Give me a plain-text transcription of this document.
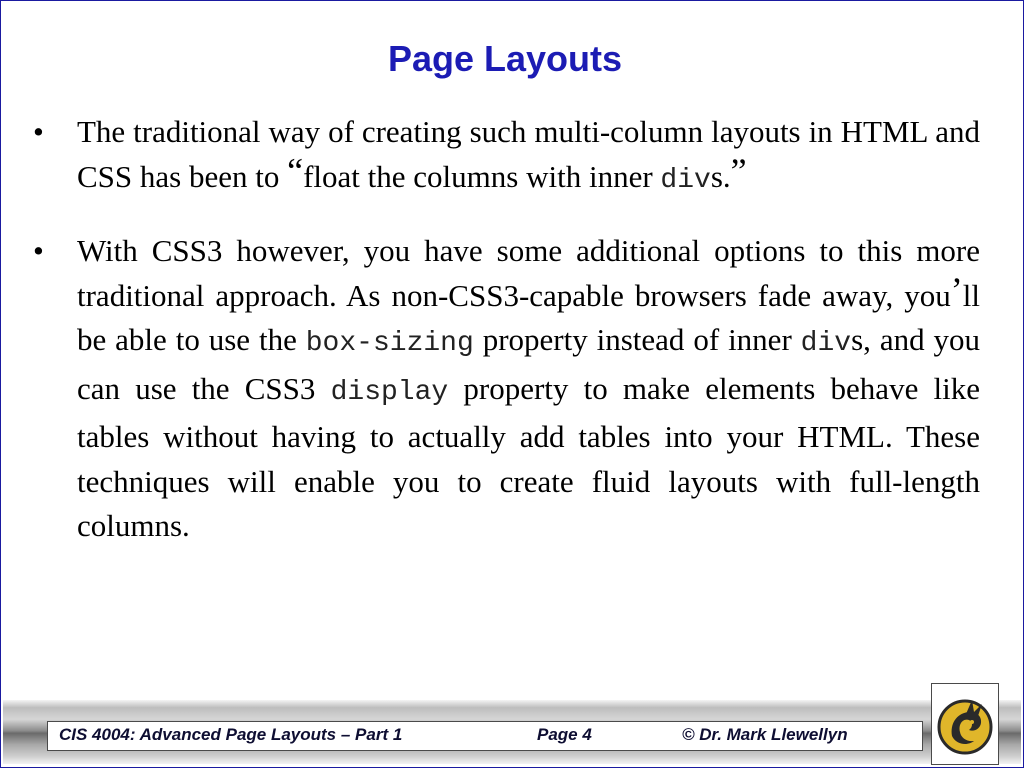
Page Layouts

• The traditional way of creating such multi-column layouts in HTML and CSS has been to “float the columns with inner divs.”

• With CSS3 however, you have some additional options to this more traditional approach. As non-CSS3-capable browsers fade away, you’ll be able to use the box-sizing property instead of inner divs, and you can use the CSS3 display property to make elements behave like tables without having to actually add tables into your HTML. These techniques will enable you to create fluid layouts with full-length columns.

CIS 4004: Advanced Page Layouts – Part 1	Page 4	© Dr. Mark Llewellyn
